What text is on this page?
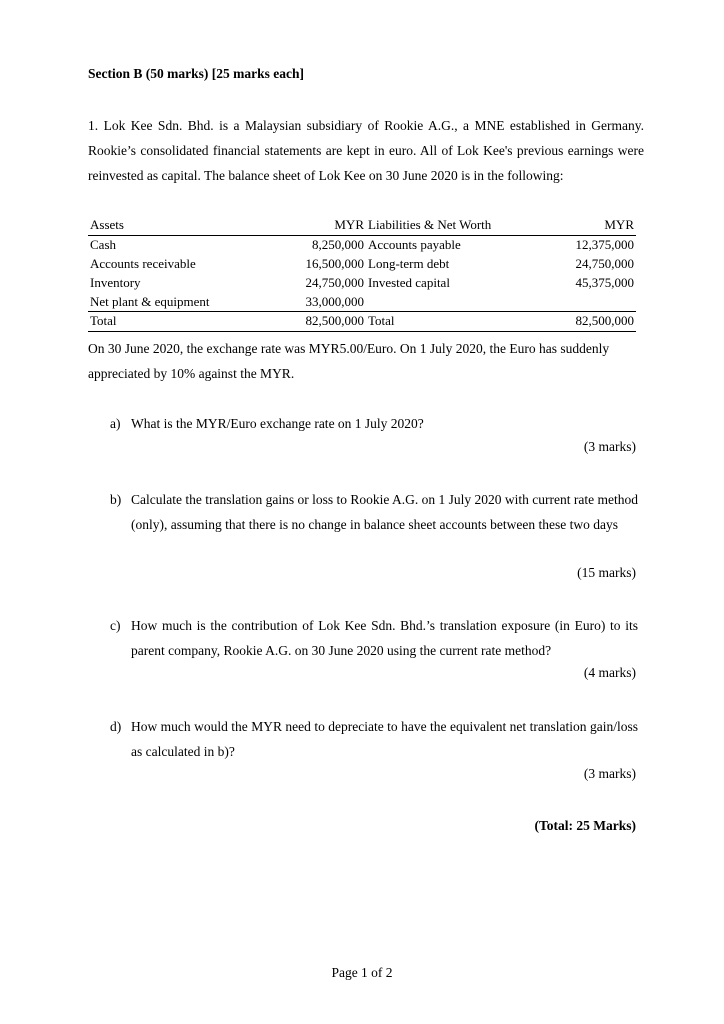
Section B (50 marks) [25 marks each]
1. Lok Kee Sdn. Bhd. is a Malaysian subsidiary of Rookie A.G., a MNE established in Germany. Rookie’s consolidated financial statements are kept in euro. All of Lok Kee's previous earnings were reinvested as capital. The balance sheet of Lok Kee on 30 June 2020 is in the following:
Assets	MYR	Liabilities & Net Worth	MYR
Cash	8,250,000	Accounts payable	12,375,000
Accounts receivable	16,500,000	Long-term debt	24,750,000
Inventory	24,750,000	Invested capital	45,375,000
Net plant & equipment	33,000,000		
Total	82,500,000	Total	82,500,000
On 30 June 2020, the exchange rate was MYR5.00/Euro. On 1 July 2020, the Euro has suddenly appreciated by 10% against the MYR.
a) What is the MYR/Euro exchange rate on 1 July 2020?
(3 marks)
b) Calculate the translation gains or loss to Rookie A.G. on 1 July 2020 with current rate method (only), assuming that there is no change in balance sheet accounts between these two days
(15 marks)
c) How much is the contribution of Lok Kee Sdn. Bhd.’s translation exposure (in Euro) to its parent company, Rookie A.G. on 30 June 2020 using the current rate method?
(4 marks)
d) How much would the MYR need to depreciate to have the equivalent net translation gain/loss as calculated in b)?
(3 marks)
(Total: 25 Marks)
Page 1 of 2
